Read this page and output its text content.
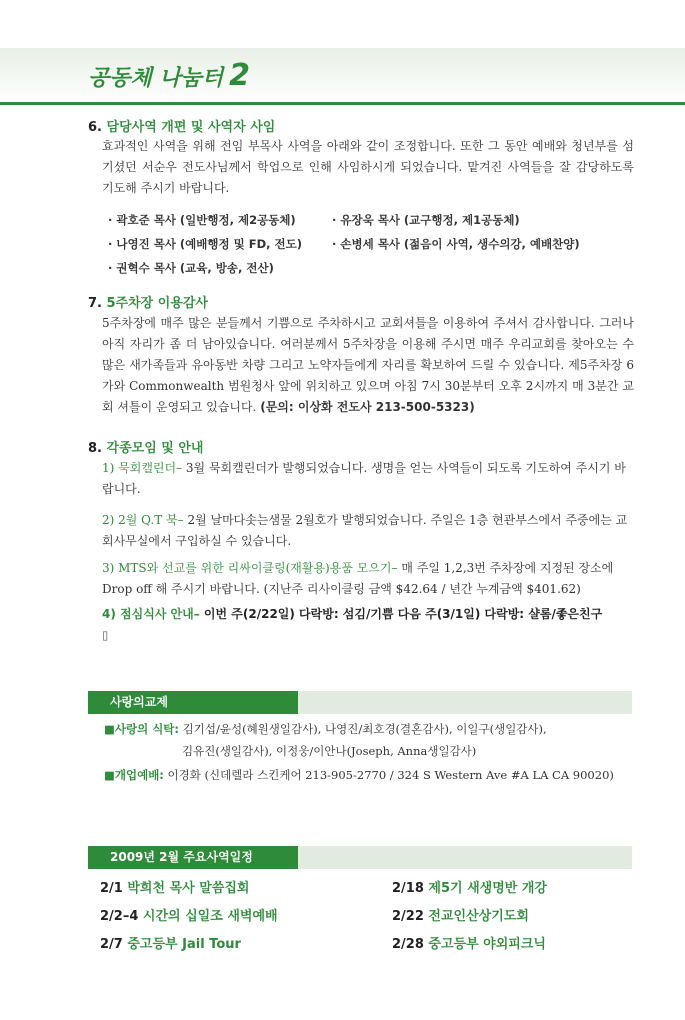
공동체 나눔터 2
6. 담당사역 개편 및 사역자 사임

효과적인 사역을 위해 전임 부목사 사역을 아래와 같이 조정합니다. 또한 그 동안 예배와 청년부를 섬기셨던 서순우 전도사님께서 학업으로 인해 사임하시게 되었습니다. 맡겨진 사역들을 잘 감당하도록 기도해 주시기 바랍니다.

· 곽호준 목사 (일반행정, 제2공동체)	· 유장욱 목사 (교구행정, 제1공동체)
· 나영진 목사 (예배행정 및 FD, 전도)	· 손병세 목사 (젊음이 사역, 생수의강, 예배찬양)
· 권혁수 목사 (교육, 방송, 전산)
7. 5주차장 이용감사

5주차장에 매주 많은 분들께서 기쁨으로 주차하시고 교회셔틀을 이용하여 주셔서 감사합니다. 그러나 아직 자리가 좀 더 남아있습니다. 여러분께서 5주차장을 이용해 주시면 매주 우리교회를 찾아오는 수 많은 새가족들과 유아동반 차량 그리고 노약자들에게 자리를 확보하여 드릴 수 있습니다. 제5주차장 6가와 Commonwealth 범원청사 앞에 위치하고 있으며 아침 7시 30분부터 오후 2시까지 매 3분간 교회 셔틀이 운영되고 있습니다. (문의: 이상화 전도사 213-500-5323)

8. 각종모임 및 안내

1) 묵회캘린더– 3월 묵회캘린더가 발행되었습니다. 생명을 얻는 사역들이 되도록 기도하여 주시기 바랍니다.

2) 2월 Q.T 북– 2월 날마다솟는샘물 2월호가 발행되었습니다. 주일은 1층 현관부스에서 주중에는 교회사무실에서 구입하실 수 있습니다.

3) MTS와 선교를 위한 리싸이클링(재활용)용품 모으기– 매 주일 1,2,3번 주차장에 지정된 장소에 Drop off 해 주시기 바랍니다. (지난주 리사이클링 금액 $42.64 / 년간 누계금액 $401.62)

4) 점심식사 안내– 이번 주(2/22일) 다락방: 섬김/기쁨 다음 주(3/1일) 다락방: 샬롬/좋은친구

▯
사랑의교제
■사랑의 식탁: 김기섭/윤성(혜원생일감사), 나영진/최호경(결혼감사), 이일구(생일감사),
김유진(생일감사), 이정웅/이안나(Joseph, Anna생일감사)
■개업예배: 이경화 (신데렐라 스킨케어 213-905-2770 / 324 S Western Ave #A LA CA 90020)
2009년 2월 주요사역일정
2/1 박희천 목사 말씀집회	2/18 제5기 새생명반 개강
2/2–4 시간의 십일조 새벽예배	2/22 전교인산상기도회
2/7 중고등부 Jail Tour	2/28 중고등부 야외피크닉
